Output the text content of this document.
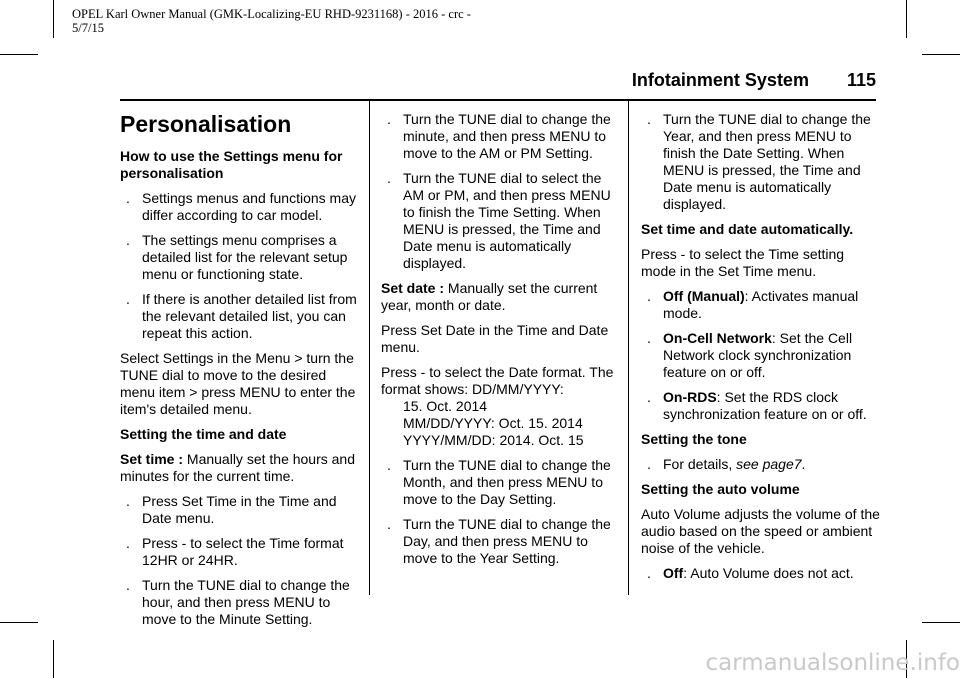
OPEL Karl Owner Manual (GMK-Localizing-EU RHD-9231168) - 2016 - crc - 5/7/15
Infotainment System 115
Personalisation

How to use the Settings menu for personalisation

. Settings menus and functions may differ according to car model.
. The settings menu comprises a detailed list for the relevant setup menu or functioning state.
. If there is another detailed list from the relevant detailed list, you can repeat this action.

Select Settings in the Menu > turn the TUNE dial to move to the desired menu item > press MENU to enter the item's detailed menu.

Setting the time and date

Set time : Manually set the hours and minutes for the current time.

. Press Set Time in the Time and Date menu.
. Press - to select the Time format 12HR or 24HR.
. Turn the TUNE dial to change the hour, and then press MENU to move to the Minute Setting.
. Turn the TUNE dial to change the minute, and then press MENU to move to the AM or PM Setting.
. Turn the TUNE dial to select the AM or PM, and then press MENU to finish the Time Setting. When MENU is pressed, the Time and Date menu is automatically displayed.

Set date : Manually set the current year, month or date.

Press Set Date in the Time and Date menu.

Press - to select the Date format. The format shows: DD/MM/YYYY:
15. Oct. 2014
MM/DD/YYYY: Oct. 15. 2014
YYYY/MM/DD: 2014. Oct. 15

. Turn the TUNE dial to change the Month, and then press MENU to move to the Day Setting.
. Turn the TUNE dial to change the Day, and then press MENU to move to the Year Setting.
. Turn the TUNE dial to change the Year, and then press MENU to finish the Date Setting. When MENU is pressed, the Time and Date menu is automatically displayed.

Set time and date automatically.

Press - to select the Time setting mode in the Set Time menu.

. Off (Manual): Activates manual mode.
. On-Cell Network: Set the Cell Network clock synchronization feature on or off.
. On-RDS: Set the RDS clock synchronization feature on or off.

Setting the tone

. For details, see page7.

Setting the auto volume

Auto Volume adjusts the volume of the audio based on the speed or ambient noise of the vehicle.

. Off: Auto Volume does not act.
carmanualsonline.info
